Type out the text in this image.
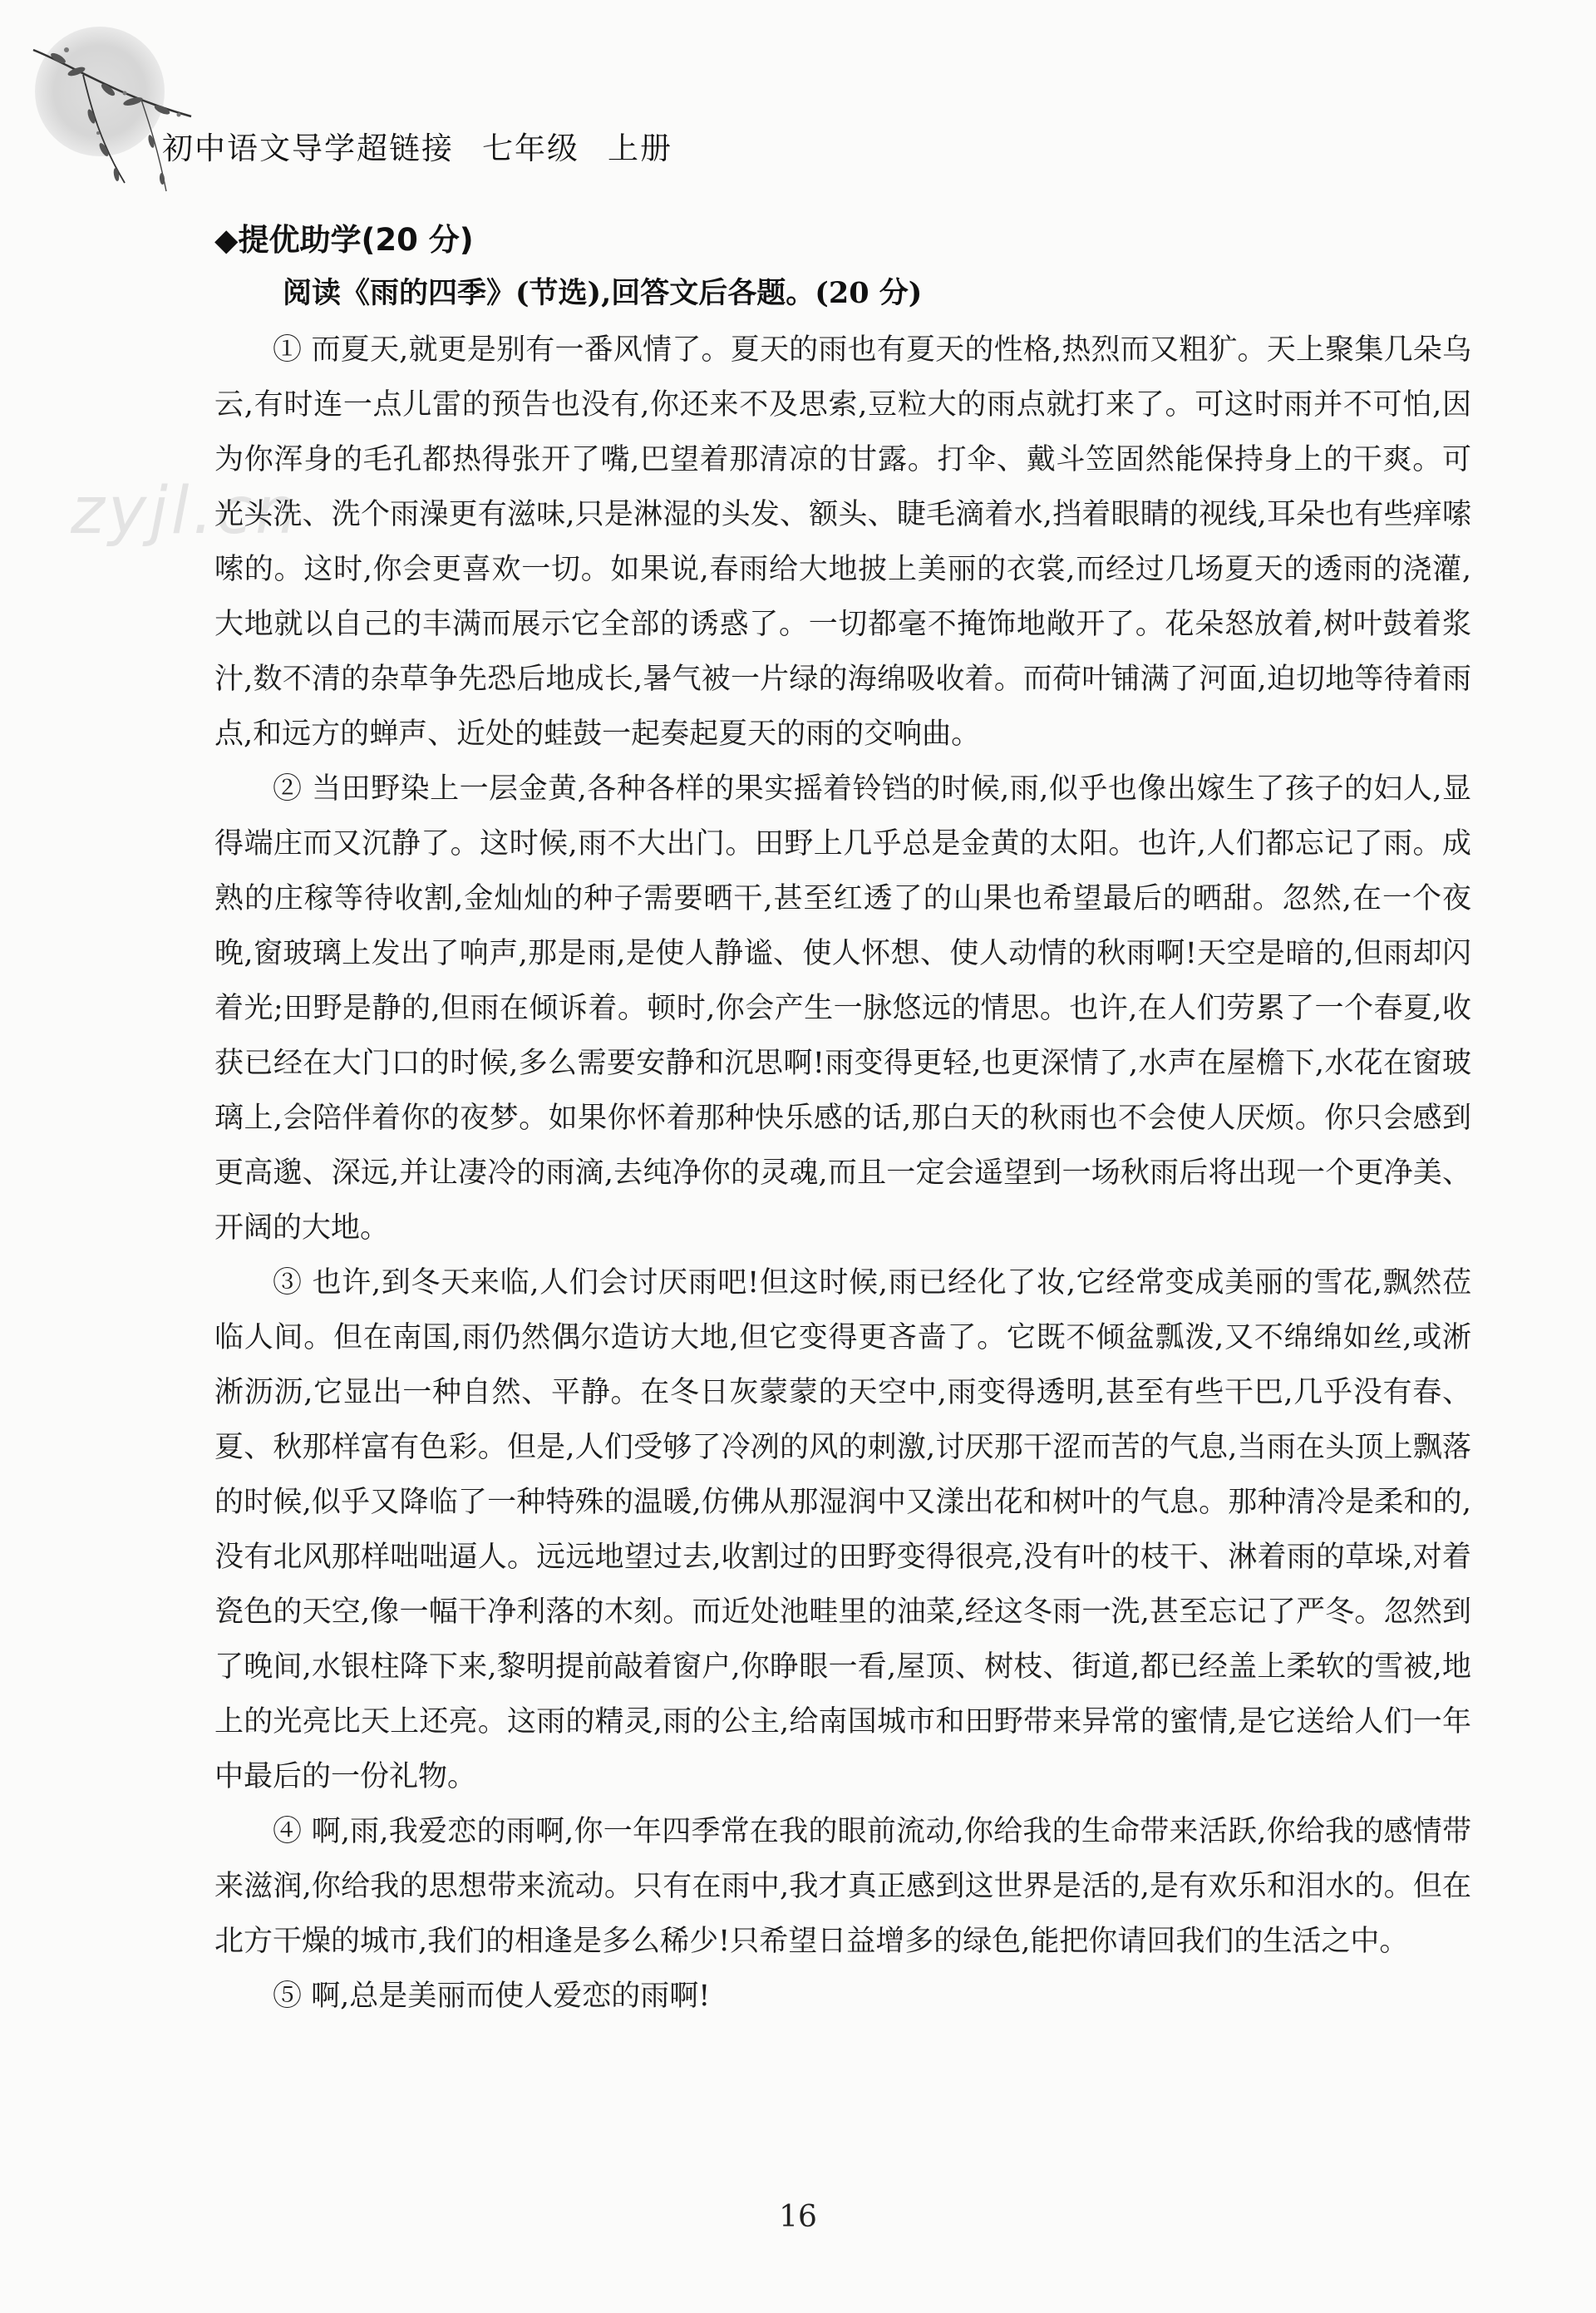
初中语文导学超链接 七年级 上册
zyjl.cn
◆提优助学(20 分)
阅读《雨的四季》(节选),回答文后各题。(20 分)

① 而夏天,就更是别有一番风情了。夏天的雨也有夏天的性格,热烈而又粗犷。天上聚集几朵乌云,有时连一点儿雷的预告也没有,你还来不及思索,豆粒大的雨点就打来了。可这时雨并不可怕,因为你浑身的毛孔都热得张开了嘴,巴望着那清凉的甘露。打伞、戴斗笠固然能保持身上的干爽。可光头洗、洗个雨澡更有滋味,只是淋湿的头发、额头、睫毛滴着水,挡着眼睛的视线,耳朵也有些痒嗦嗦的。这时,你会更喜欢一切。如果说,春雨给大地披上美丽的衣裳,而经过几场夏天的透雨的浇灌,大地就以自己的丰满而展示它全部的诱惑了。一切都毫不掩饰地敞开了。花朵怒放着,树叶鼓着浆汁,数不清的杂草争先恐后地成长,暑气被一片绿的海绵吸收着。而荷叶铺满了河面,迫切地等待着雨点,和远方的蝉声、近处的蛙鼓一起奏起夏天的雨的交响曲。

② 当田野染上一层金黄,各种各样的果实摇着铃铛的时候,雨,似乎也像出嫁生了孩子的妇人,显得端庄而又沉静了。这时候,雨不大出门。田野上几乎总是金黄的太阳。也许,人们都忘记了雨。成熟的庄稼等待收割,金灿灿的种子需要晒干,甚至红透了的山果也希望最后的晒甜。忽然,在一个夜晚,窗玻璃上发出了响声,那是雨,是使人静谧、使人怀想、使人动情的秋雨啊!天空是暗的,但雨却闪着光;田野是静的,但雨在倾诉着。顿时,你会产生一脉悠远的情思。也许,在人们劳累了一个春夏,收获已经在大门口的时候,多么需要安静和沉思啊!雨变得更轻,也更深情了,水声在屋檐下,水花在窗玻璃上,会陪伴着你的夜梦。如果你怀着那种快乐感的话,那白天的秋雨也不会使人厌烦。你只会感到更高邈、深远,并让凄冷的雨滴,去纯净你的灵魂,而且一定会遥望到一场秋雨后将出现一个更净美、开阔的大地。

③ 也许,到冬天来临,人们会讨厌雨吧!但这时候,雨已经化了妆,它经常变成美丽的雪花,飘然莅临人间。但在南国,雨仍然偶尔造访大地,但它变得更吝啬了。它既不倾盆瓢泼,又不绵绵如丝,或淅淅沥沥,它显出一种自然、平静。在冬日灰蒙蒙的天空中,雨变得透明,甚至有些干巴,几乎没有春、夏、秋那样富有色彩。但是,人们受够了冷冽的风的刺激,讨厌那干涩而苦的气息,当雨在头顶上飘落的时候,似乎又降临了一种特殊的温暖,仿佛从那湿润中又漾出花和树叶的气息。那种清冷是柔和的,没有北风那样咄咄逼人。远远地望过去,收割过的田野变得很亮,没有叶的枝干、淋着雨的草垛,对着瓷色的天空,像一幅干净利落的木刻。而近处池畦里的油菜,经这冬雨一洗,甚至忘记了严冬。忽然到了晚间,水银柱降下来,黎明提前敲着窗户,你睁眼一看,屋顶、树枝、街道,都已经盖上柔软的雪被,地上的光亮比天上还亮。这雨的精灵,雨的公主,给南国城市和田野带来异常的蜜情,是它送给人们一年中最后的一份礼物。

④ 啊,雨,我爱恋的雨啊,你一年四季常在我的眼前流动,你给我的生命带来活跃,你给我的感情带来滋润,你给我的思想带来流动。只有在雨中,我才真正感到这世界是活的,是有欢乐和泪水的。但在北方干燥的城市,我们的相逢是多么稀少!只希望日益增多的绿色,能把你请回我们的生活之中。

⑤ 啊,总是美丽而使人爱恋的雨啊!

16
